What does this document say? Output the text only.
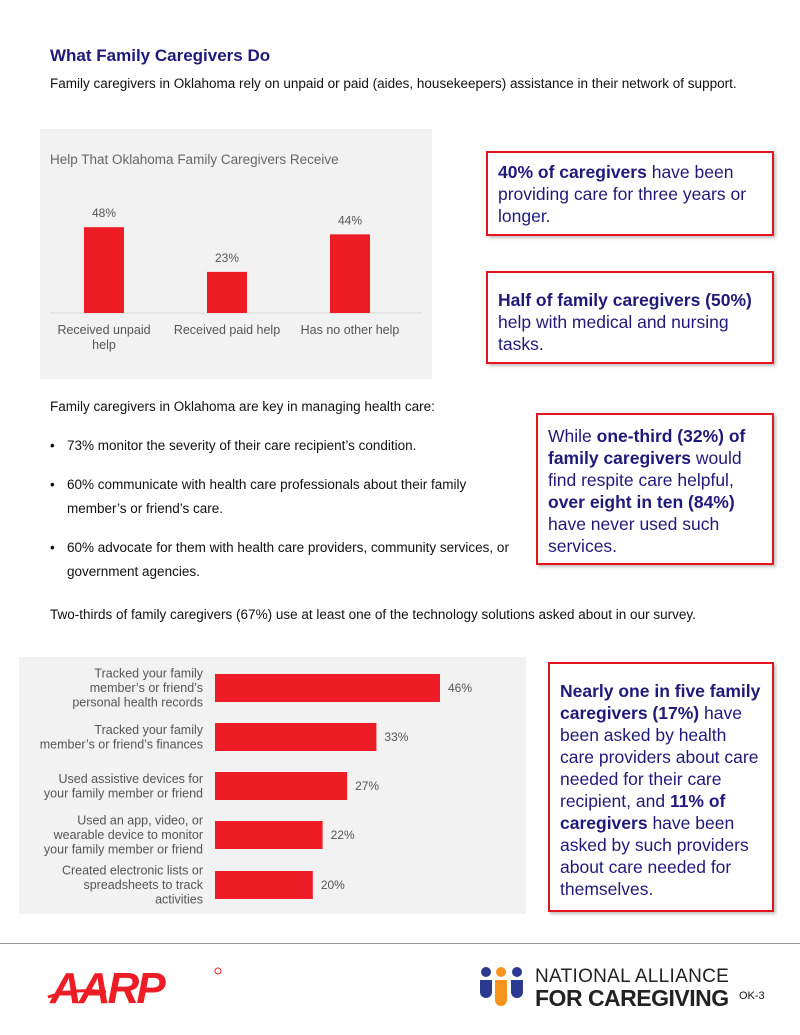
What Family Caregivers Do
Family caregivers in Oklahoma rely on unpaid or paid (aides, housekeepers) assistance in their network of support.
Help That Oklahoma Family Caregivers Receive
48%
Received unpaid
help
23%
Received paid help
44%
Has no other help
40% of caregivers have been providing care for three years or longer.
Half of family caregivers (50%) help with medical and nursing tasks.
Family caregivers in Oklahoma are key in managing health care:
• 73% monitor the severity of their care recipient’s condition.
• 60% communicate with health care professionals about their family member’s or friend’s care.
• 60% advocate for them with health care providers, community services, or government agencies.
While one-third (32%) of family caregivers would find respite care helpful, over eight in ten (84%) have never used such services.
Two-thirds of family caregivers (67%) use at least one of the technology solutions asked about in our survey.
46%
Tracked your family
member’s or friend’s
personal health records
33%
Tracked your family
member’s or friend’s finances
27%
Used assistive devices for
your family member or friend
22%
Used an app, video, or
wearable device to monitor
your family member or friend
20%
Created electronic lists or
spreadsheets to track
activities
Nearly one in five family caregivers (17%) have been asked by health care providers about care needed for their care recipient, and 11% of caregivers have been asked by such providers about care needed for themselves.
AARP	NATIONAL ALLIANCE
FOR CAREGIVING OK-3
